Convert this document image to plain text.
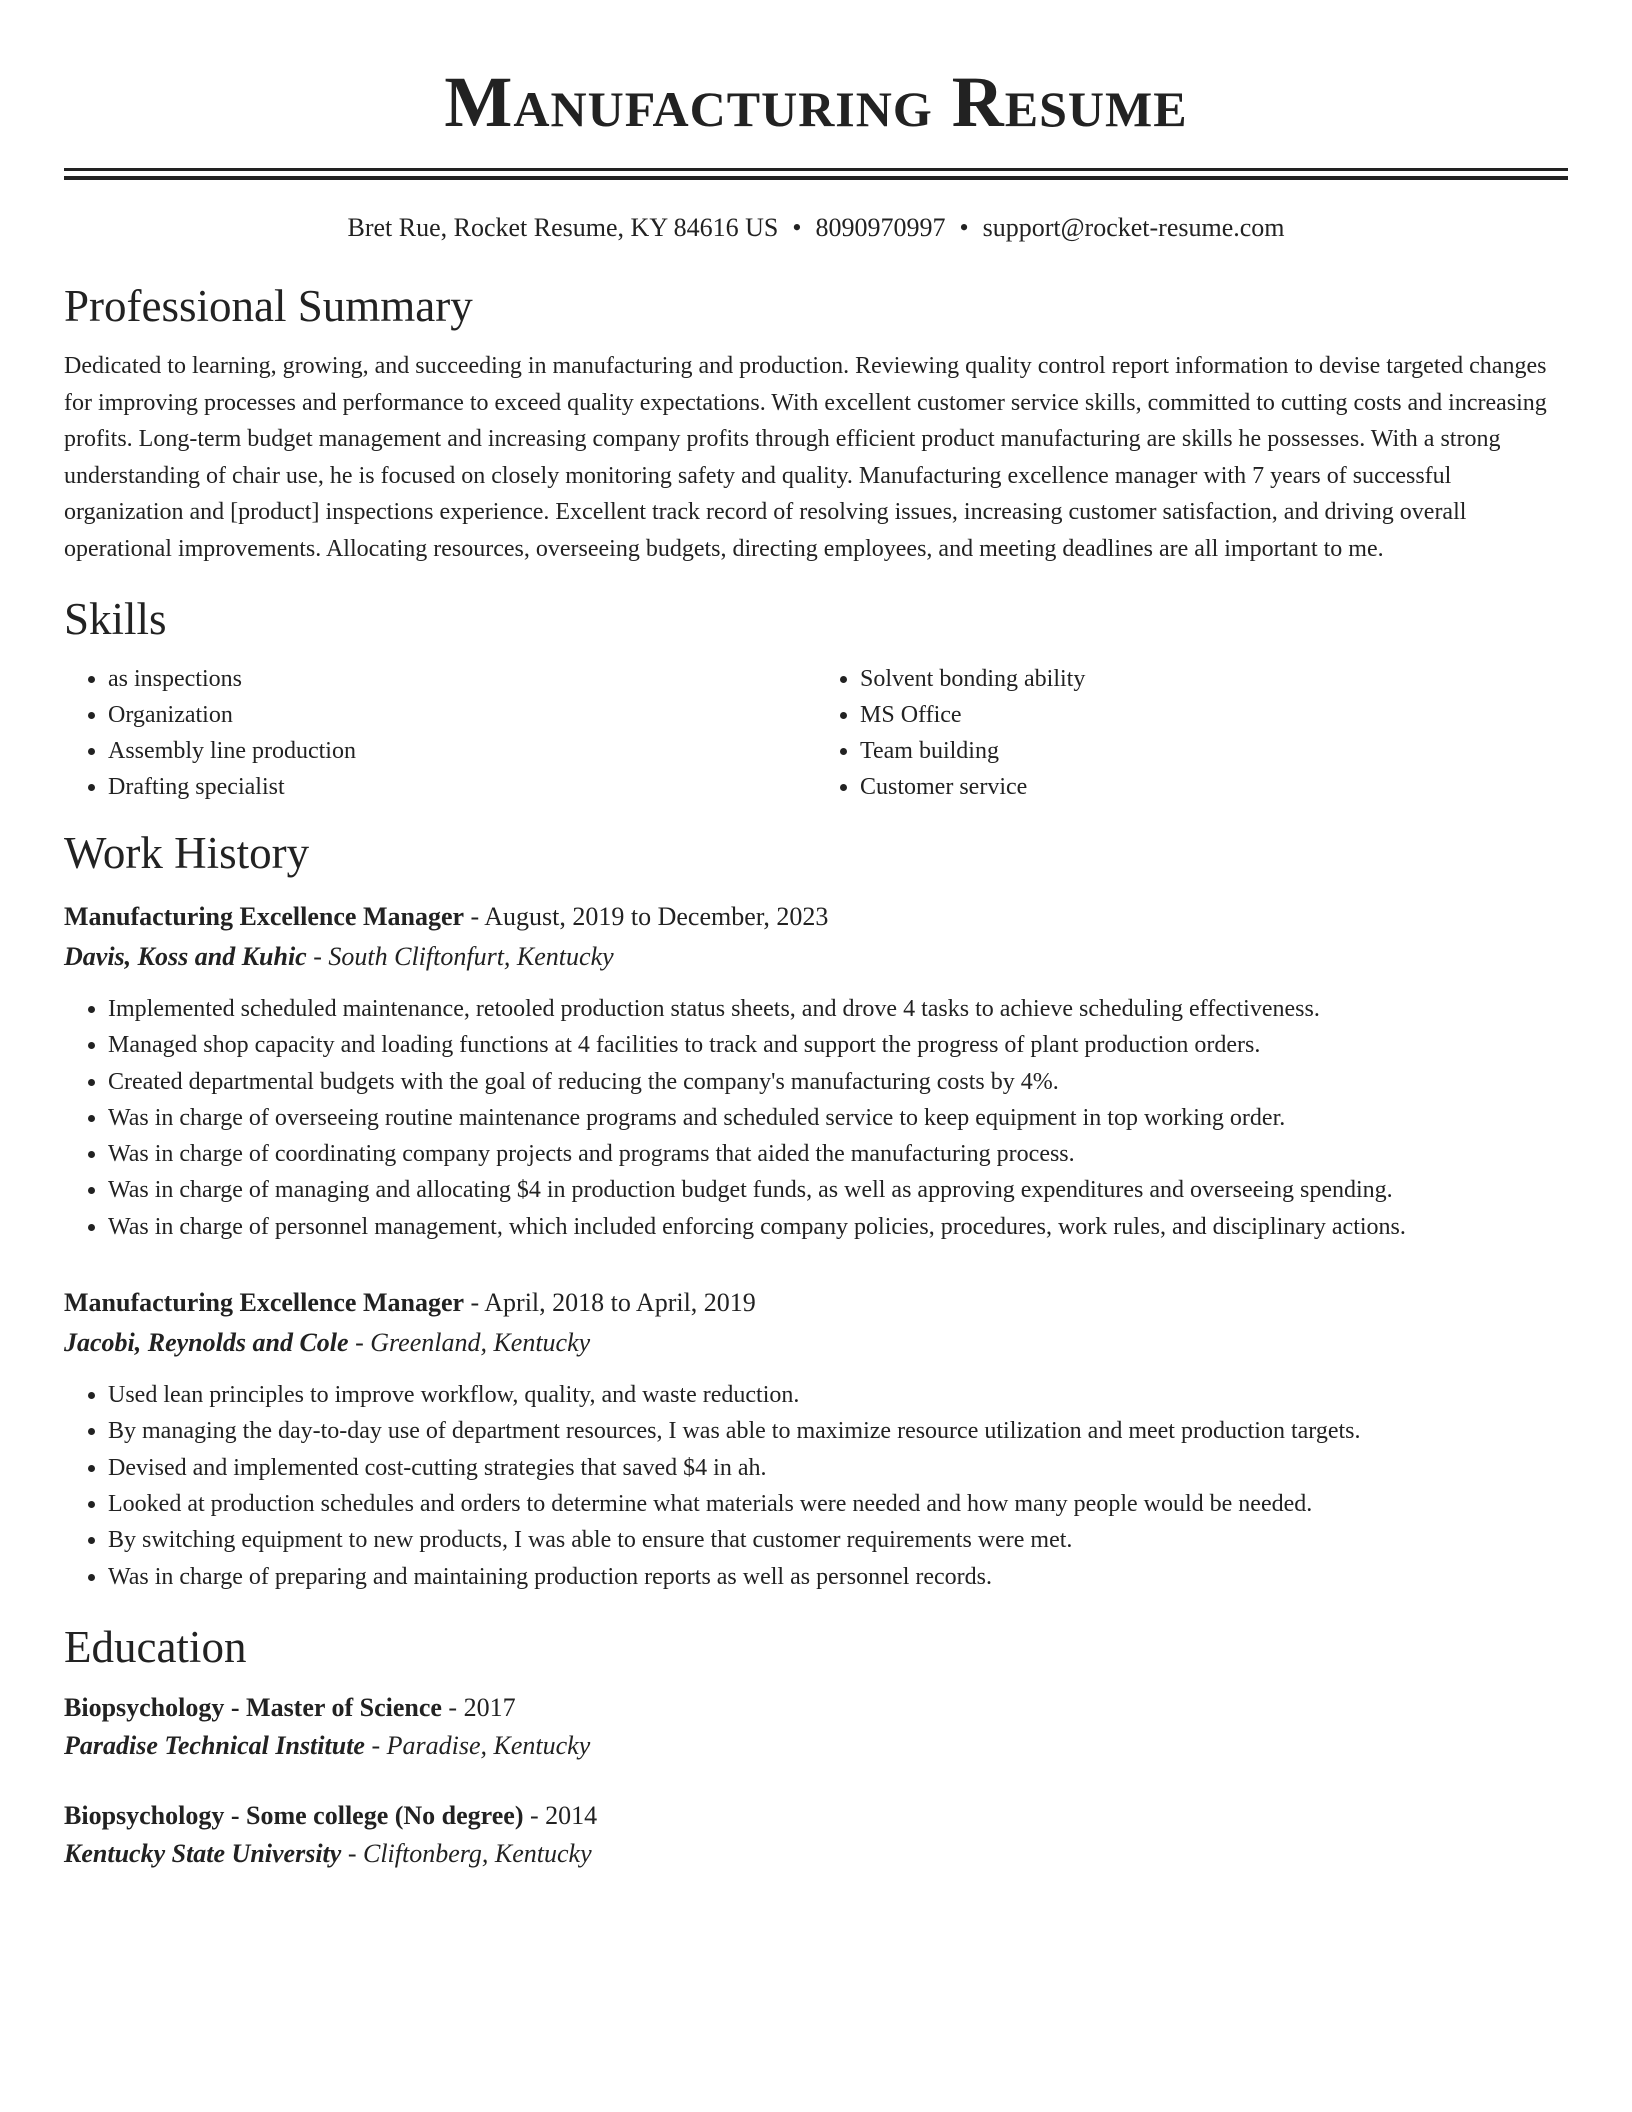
Manufacturing Resume
Bret Rue, Rocket Resume, KY 84616 US • 8090970997 • support@rocket-resume.com
Professional Summary

Dedicated to learning, growing, and succeeding in manufacturing and production. Reviewing quality control report information to devise targeted changes for improving processes and performance to exceed quality expectations. With excellent customer service skills, committed to cutting costs and increasing profits. Long-term budget management and increasing company profits through efficient product manufacturing are skills he possesses. With a strong understanding of chair use, he is focused on closely monitoring safety and quality. Manufacturing excellence manager with 7 years of successful organization and [product] inspections experience. Excellent track record of resolving issues, increasing customer satisfaction, and driving overall operational improvements. Allocating resources, overseeing budgets, directing employees, and meeting deadlines are all important to me.

Skills
• as inspections
• Organization
• Assembly line production
• Drafting specialist
• Solvent bonding ability
• MS Office
• Team building
• Customer service
Work History
Manufacturing Excellence Manager - August, 2019 to December, 2023
Davis, Koss and Kuhic - South Cliftonfurt, Kentucky
• Implemented scheduled maintenance, retooled production status sheets, and drove 4 tasks to achieve scheduling effectiveness.
• Managed shop capacity and loading functions at 4 facilities to track and support the progress of plant production orders.
• Created departmental budgets with the goal of reducing the company's manufacturing costs by 4%.
• Was in charge of overseeing routine maintenance programs and scheduled service to keep equipment in top working order.
• Was in charge of coordinating company projects and programs that aided the manufacturing process.
• Was in charge of managing and allocating $4 in production budget funds, as well as approving expenditures and overseeing spending.
• Was in charge of personnel management, which included enforcing company policies, procedures, work rules, and disciplinary actions.
Manufacturing Excellence Manager - April, 2018 to April, 2019
Jacobi, Reynolds and Cole - Greenland, Kentucky
• Used lean principles to improve workflow, quality, and waste reduction.
• By managing the day-to-day use of department resources, I was able to maximize resource utilization and meet production targets.
• Devised and implemented cost-cutting strategies that saved $4 in ah.
• Looked at production schedules and orders to determine what materials were needed and how many people would be needed.
• By switching equipment to new products, I was able to ensure that customer requirements were met.
• Was in charge of preparing and maintaining production reports as well as personnel records.
Education
Biopsychology - Master of Science - 2017
Paradise Technical Institute - Paradise, Kentucky
Biopsychology - Some college (No degree) - 2014
Kentucky State University - Cliftonberg, Kentucky
